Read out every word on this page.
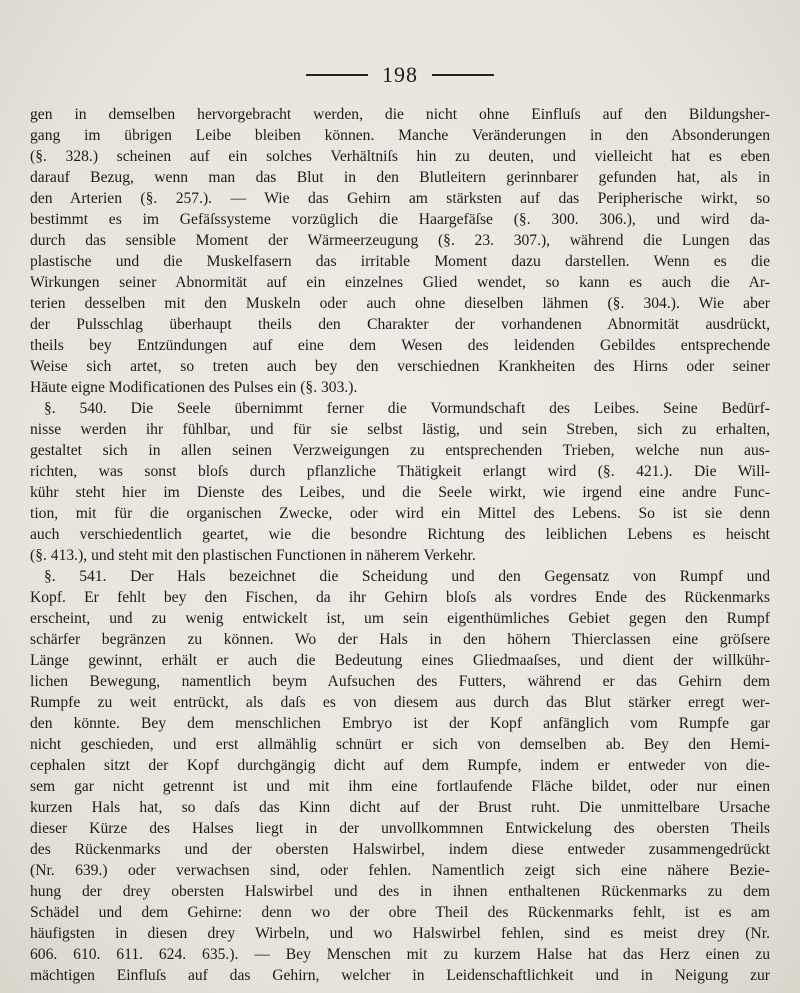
198
gen in demselben hervorgebracht werden, die nicht ohne Einfluſs auf den Bildungsher-
gang im übrigen Leibe bleiben können. Manche Veränderungen in den Absonderungen
(§. 328.) scheinen auf ein solches Verhältniſs hin zu deuten, und vielleicht hat es eben
darauf Bezug, wenn man das Blut in den Blutleitern gerinnbarer gefunden hat, als in
den Arterien (§. 257.). — Wie das Gehirn am stärksten auf das Peripherische wirkt, so
bestimmt es im Gefäſssysteme vorzüglich die Haargefäſse (§. 300. 306.), und wird da-
durch das sensible Moment der Wärmeerzeugung (§. 23. 307.), während die Lungen das
plastische und die Muskelfasern das irritable Moment dazu darstellen. Wenn es die
Wirkungen seiner Abnormität auf ein einzelnes Glied wendet, so kann es auch die Ar-
terien desselben mit den Muskeln oder auch ohne dieselben lähmen (§. 304.). Wie aber
der Pulsschlag überhaupt theils den Charakter der vorhandenen Abnormität ausdrückt,
theils bey Entzündungen auf eine dem Wesen des leidenden Gebildes entsprechende
Weise sich artet, so treten auch bey den verschiednen Krankheiten des Hirns oder seiner
Häute eigne Modificationen des Pulses ein (§. 303.).
§. 540. Die Seele übernimmt ferner die Vormundschaft des Leibes. Seine Bedürf-
nisse werden ihr fühlbar, und für sie selbst lästig, und sein Streben, sich zu erhalten,
gestaltet sich in allen seinen Verzweigungen zu entsprechenden Trieben, welche nun aus-
richten, was sonst bloſs durch pflanzliche Thätigkeit erlangt wird (§. 421.). Die Will-
kühr steht hier im Dienste des Leibes, und die Seele wirkt, wie irgend eine andre Func-
tion, mit für die organischen Zwecke, oder wird ein Mittel des Lebens. So ist sie denn
auch verschiedentlich geartet, wie die besondre Richtung des leiblichen Lebens es heischt
(§. 413.), und steht mit den plastischen Functionen in näherem Verkehr.
§. 541. Der Hals bezeichnet die Scheidung und den Gegensatz von Rumpf und
Kopf. Er fehlt bey den Fischen, da ihr Gehirn bloſs als vordres Ende des Rückenmarks
erscheint, und zu wenig entwickelt ist, um sein eigenthümliches Gebiet gegen den Rumpf
schärfer begränzen zu können. Wo der Hals in den höhern Thierclassen eine gröſsere
Länge gewinnt, erhält er auch die Bedeutung eines Gliedmaaſses, und dient der willkühr-
lichen Bewegung, namentlich beym Aufsuchen des Futters, während er das Gehirn dem
Rumpfe zu weit entrückt, als daſs es von diesem aus durch das Blut stärker erregt wer-
den könnte. Bey dem menschlichen Embryo ist der Kopf anfänglich vom Rumpfe gar
nicht geschieden, und erst allmählig schnürt er sich von demselben ab. Bey den Hemi-
cephalen sitzt der Kopf durchgängig dicht auf dem Rumpfe, indem er entweder von die-
sem gar nicht getrennt ist und mit ihm eine fortlaufende Fläche bildet, oder nur einen
kurzen Hals hat, so daſs das Kinn dicht auf der Brust ruht. Die unmittelbare Ursache
dieser Kürze des Halses liegt in der unvollkommnen Entwickelung des obersten Theils
des Rückenmarks und der obersten Halswirbel, indem diese entweder zusammengedrückt
(Nr. 639.) oder verwachsen sind, oder fehlen. Namentlich zeigt sich eine nähere Bezie-
hung der drey obersten Halswirbel und des in ihnen enthaltenen Rückenmarks zu dem
Schädel und dem Gehirne: denn wo der obre Theil des Rückenmarks fehlt, ist es am
häufigsten in diesen drey Wirbeln, und wo Halswirbel fehlen, sind es meist drey (Nr.
606. 610. 611. 624. 635.). — Bey Menschen mit zu kurzem Halse hat das Herz einen zu
mächtigen Einfluſs auf das Gehirn, welcher in Leidenschaftlichkeit und in Neigung zur
